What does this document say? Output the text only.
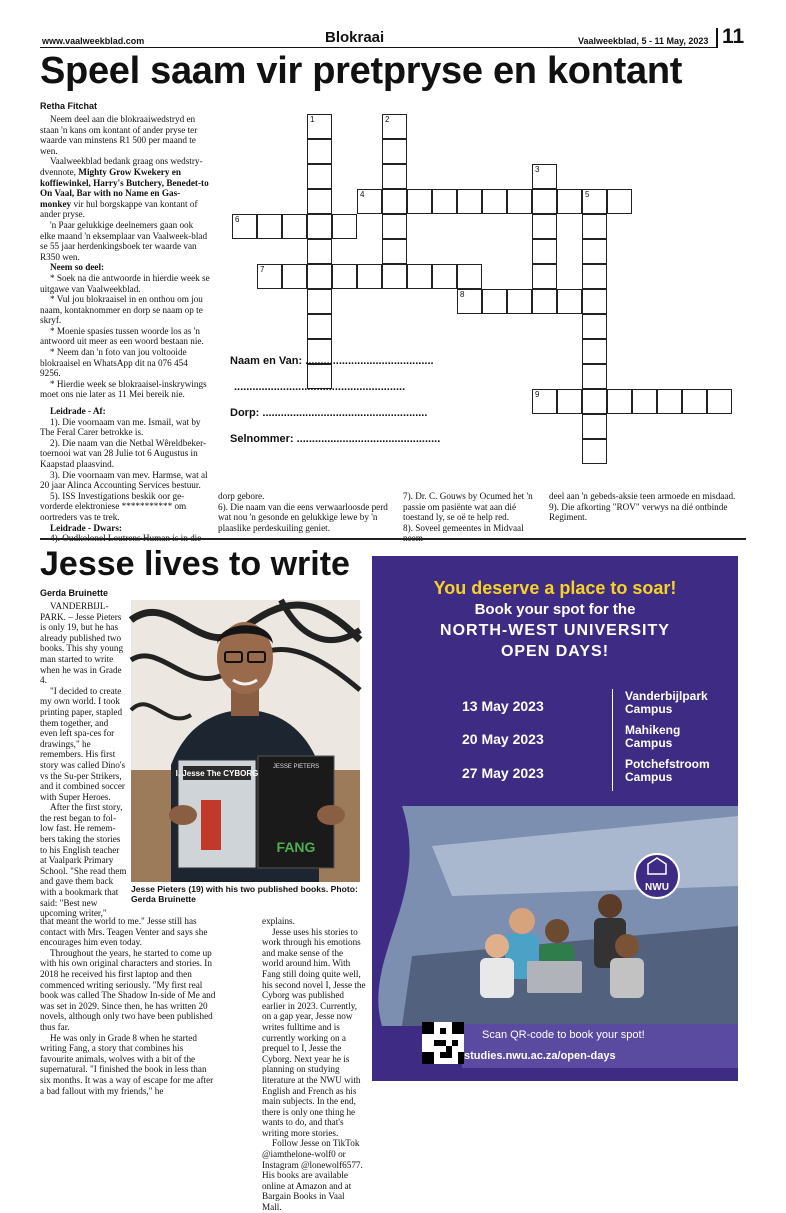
www.vaalweekblad.com	Blokraai	Vaalweekblad, 5 - 11 May, 2023 11
Speel saam vir pretpryse en kontant
Retha Fitchat

Neem deel aan die blokraaiwedstryd en staan 'n kans om kontant of ander pryse ter waarde van minstens R1 500 per maand te wen.

Vaalweekblad bedank graag ons wedstry-dvennote, Mighty Grow Kwekery en koffiewinkel, Harry's Butchery, Benedet-to On Vaal, Bar with no Name en Gas-monkey vir hul borgskappe van kontant of ander pryse.

'n Paar gelukkige deelnemers gaan ook elke maand 'n eksemplaar van Vaalweek-blad se 55 jaar herdenkingsboek ter waarde van R350 wen.

Neem so deel:

* Soek na die antwoorde in hierdie week se uitgawe van Vaalweekblad.

* Vul jou blokraaisel in en onthou om jou naam, kontaknommer en dorp se naam op te skryf.

* Moenie spasies tussen woorde los as 'n antwoord uit meer as een woord bestaan nie.

* Neem dan 'n foto van jou voltooide blokraaisel en WhatsApp dit na 076 454 9256.

* Hierdie week se blokraaisel-inskrywings moet ons nie later as 11 Mei bereik nie.

Leidrade - Af:

1). Die voornaam van me. Ismail, wat by The Feral Carer betrokke is.

2). Die naam van die Netbal Wêreldbeker-toernooi wat van 28 Julie tot 6 Augustus in Kaapstad plaasvind.

3). Die voornaam van mev. Harmse, wat al 20 jaar Alinca Accounting Services bestuur.

5). ISS Investigations beskik oor ge-vorderde elektroniese *********** om oortreders vas te trek.

Leidrade - Dwars:

dorp gebore.
6). Die naam van die eens verwaarloosde perd wat nou 'n gesonde en gelukkige lewe by 'n plaaslike perdeskuiling geniet.

7). Dr. C. Gouws by Ocumed het 'n passie om pasiënte wat aan dié toestand ly, se oë te help red.
8). Soveel gemeentes in Midvaal

deel aan 'n gebeds-aksie teen armoede en misdaad.
9). Die afkorting "ROV" verwys na dié ontbinde Regiment.

1	2
3
4	5
6
7
8
9
Naam en Van: ..........................................
........................................................
Dorp: ......................................................
Selnommer: ...............................................
Jesse lives to write
Gerda Bruinette

VANDERBIJL-PARK. – Jesse Pieters is only 19, but he has already published two books. This shy young man started to write when he was in Grade 4.

"I decided to create my own world. I took printing paper, stapled them together, and even left spa-ces for drawings," he remembers. His first story was called Dino's vs the Su-per Strikers, and it combined soccer with Super Heroes.

After the first story, the rest began to fol-low fast. He remem-bers taking the stories to his English teacher at Vaalpark Primary School. "She read them and gave them back with a bookmark that said: "Best new upcoming writer,"

that meant the world to me." Jesse still has contact with Mrs. Teagen Venter and says she encourages him even today.

Throughout the years, he started to come up with his own original characters and stories. In 2018 he received his first laptop and then commenced writing seriously. "My first real book was called The Shadow In-side of Me and was set in 2029. Since then, he has written 20 novels, although only two have been published thus far.

He was only in Grade 8 when he started writing Fang, a story that combines his favourite animals, wolves with a bit of the supernatural. "I finished the book in less than six months. It was a way of escape for me after a bad fallout with my friends," he

explains.

Jesse uses his stories to work through his emotions and make sense of the world around him. With Fang still doing quite well, his second novel I, Jesse the Cyborg was published earlier in 2023. Currently, on a gap year, Jesse now writes fulltime and is currently working on a prequel to I, Jesse the Cyborg. Next year he is planning on studying literature at the NWU with English and French as his main subjects. In the end, there is only one thing he wants to do, and that's writing more stories.

Follow Jesse on TikTok @iamthelone-wolf0 or Instagram @lonewolf6577. His books are available online at Amazon and at Bargain Books in Vaal Mall.

JESSE PIETERS
FANG
I, Jesse The CYBORG
Jesse Pieters (19) with his two published books. Photo: Gerda Bruinette
You deserve a place to soar!
Book your spot for the
NORTH-WEST UNIVERSITY
OPEN DAYS!
13 May 2023
Vanderbijlpark
Campus
20 May 2023
Mahikeng
Campus
27 May 2023
Potchefstroom
Campus
NWU
Scan QR-code to book your spot!
studies.nwu.ac.za/open-days
